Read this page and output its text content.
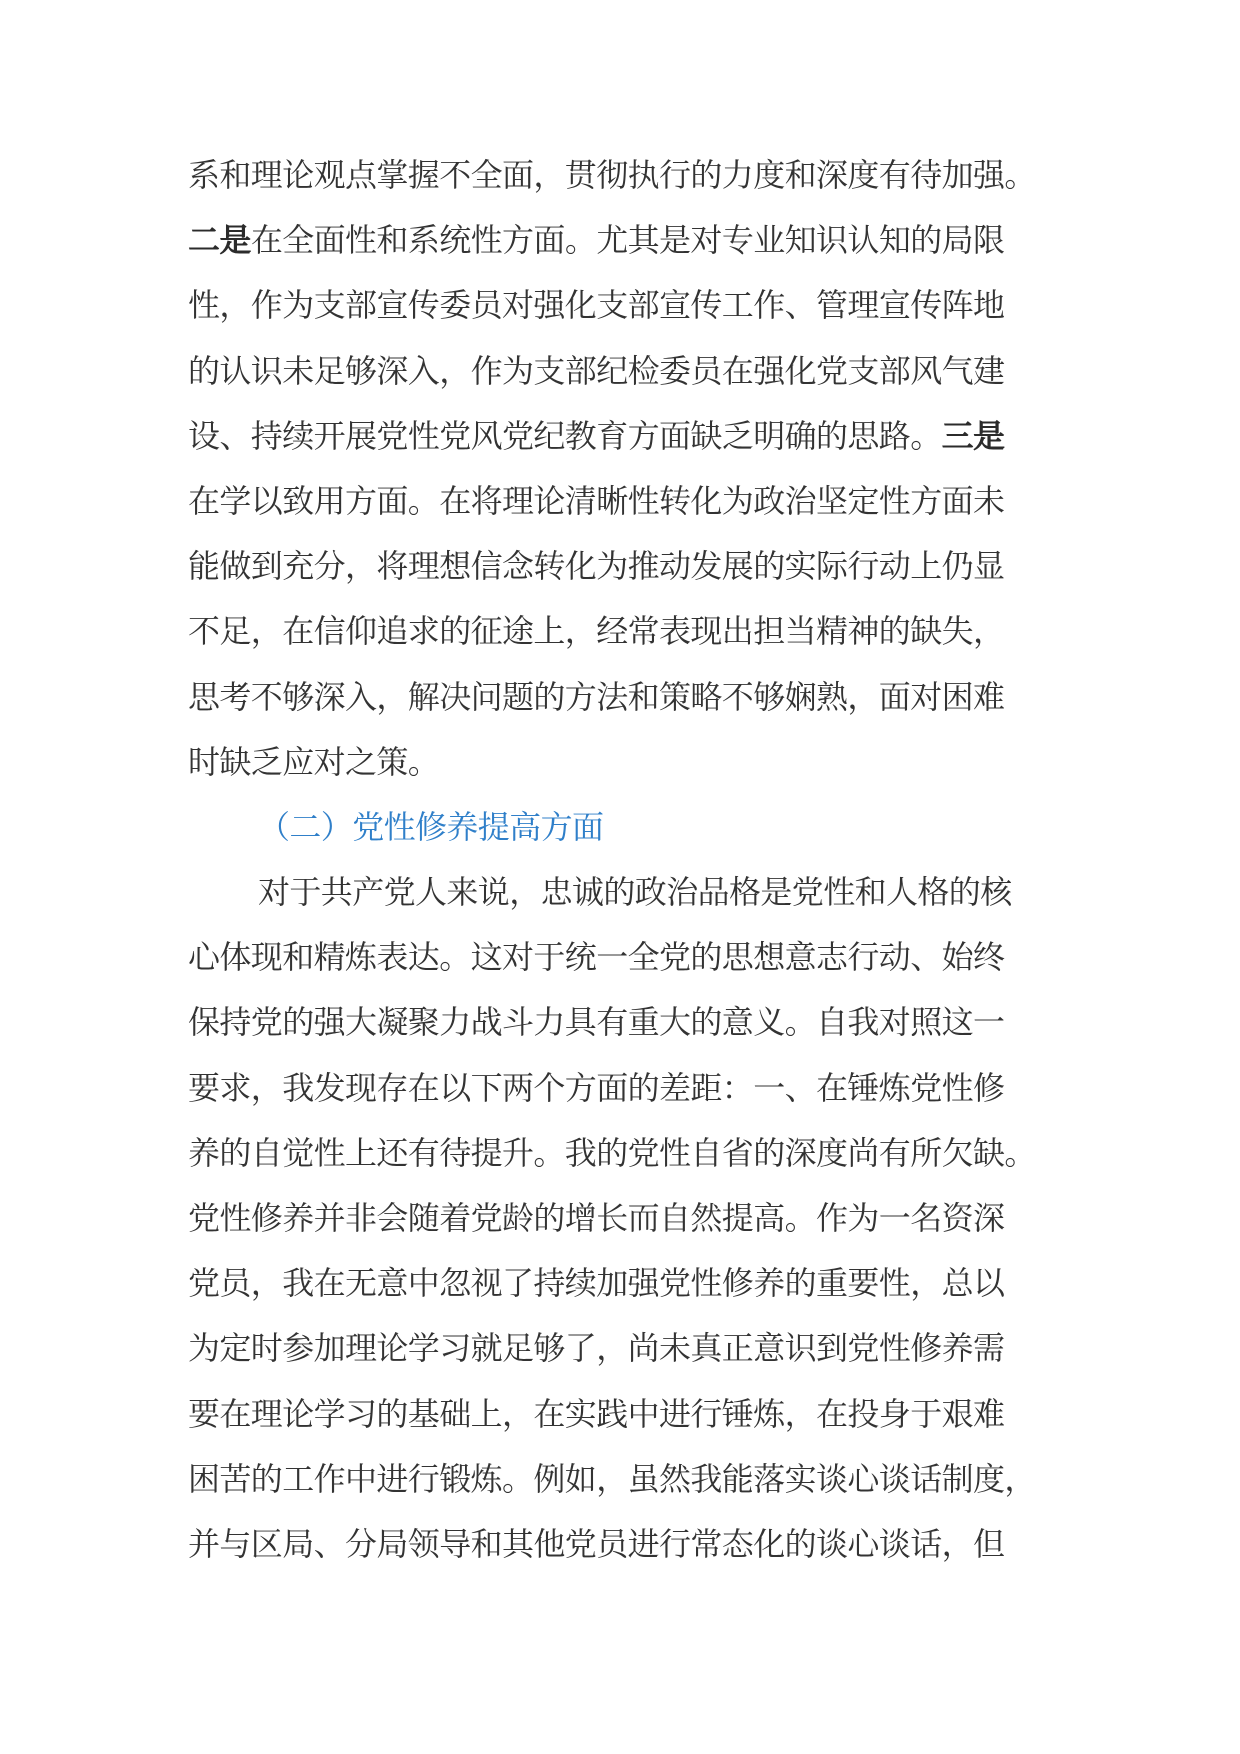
系和理论观点掌握不全面，贯彻执行的力度和深度有待加强。
二是在全面性和系统性方面。尤其是对专业知识认知的局限
性，作为支部宣传委员对强化支部宣传工作、管理宣传阵地
的认识未足够深入，作为支部纪检委员在强化党支部风气建
设、持续开展党性党风党纪教育方面缺乏明确的思路。三是
在学以致用方面。在将理论清晰性转化为政治坚定性方面未
能做到充分，将理想信念转化为推动发展的实际行动上仍显
不足，在信仰追求的征途上，经常表现出担当精神的缺失，
思考不够深入，解决问题的方法和策略不够娴熟，面对困难
时缺乏应对之策。
（二）党性修养提高方面
对于共产党人来说，忠诚的政治品格是党性和人格的核
心体现和精炼表达。这对于统一全党的思想意志行动、始终
保持党的强大凝聚力战斗力具有重大的意义。自我对照这一
要求，我发现存在以下两个方面的差距：一、在锤炼党性修
养的自觉性上还有待提升。我的党性自省的深度尚有所欠缺。
党性修养并非会随着党龄的增长而自然提高。作为一名资深
党员，我在无意中忽视了持续加强党性修养的重要性，总以
为定时参加理论学习就足够了，尚未真正意识到党性修养需
要在理论学习的基础上，在实践中进行锤炼，在投身于艰难
困苦的工作中进行锻炼。例如，虽然我能落实谈心谈话制度，
并与区局、分局领导和其他党员进行常态化的谈心谈话，但
